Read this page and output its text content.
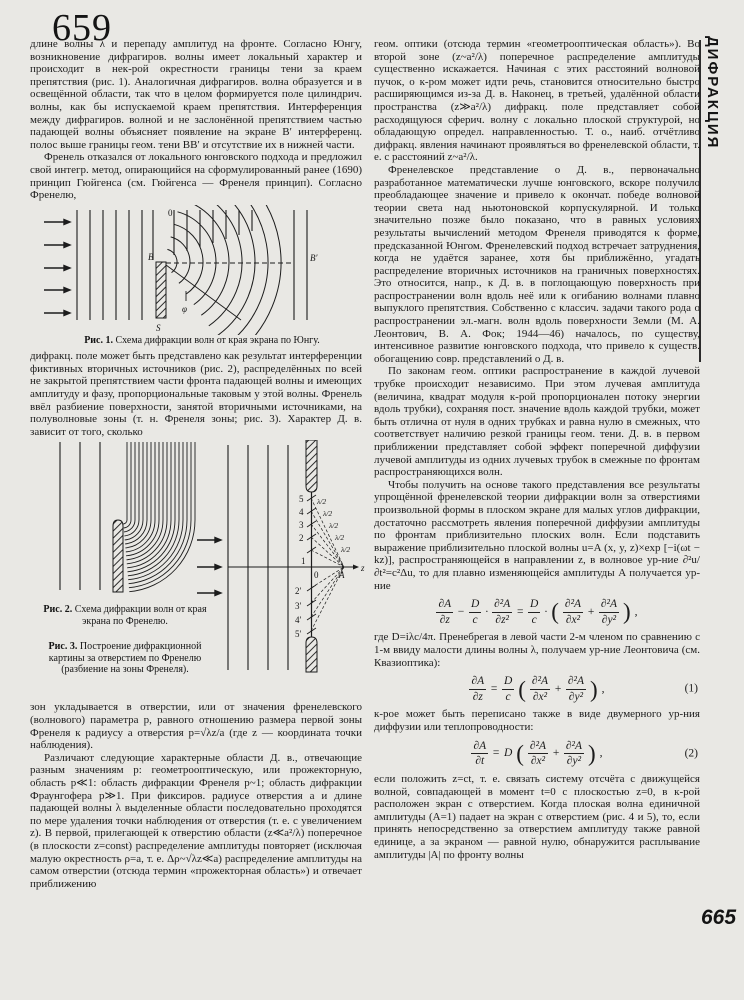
659
ДИФРАКЦИЯ
665

длине волны λ и перепаду амплитуд на фронте. Согласно Юнгу, возникновение дифрагиров. волны имеет локальный характер и происходит в нек-рой окрестности границы тени за краем препятствия (рис. 1). Аналогичная дифрагиров. волна образуется и в освещённой области, так что в целом формируется поле цилиндрич. волны, как бы испускаемой краем препятствия. Интерференция между дифрагиров. волной и не заслонённой препятствием частью падающей волны объясняет появление на экране B′ интерференц. полос выше границы геом. тени BB′ и отсутствие их в нижней части.

Френель отказался от локального юнговского подхода и предложил свой интегр. метод, опирающийся на сформулированный ранее (1690) принцип Гюйгенса (см. Гюйгенса — Френеля принцип). Согласно Френелю,

0
B	B′
φ
S

Рис. 1. Схема дифракции волн от края экрана по Юнгу.

дифракц. поле может быть представлено как результат интерференции фиктивных вторичных источников (рис. 2), распределённых по всей не закрытой препятствием части фронта падающей волны и имеющих амплитуду и фазу, пропорциональные таковым у этой волны. Френель ввёл разбиение поверхности, занятой вторичными источниками, на полуволновые зоны (т. н. Френеля зоны; рис. 3). Характер Д. в. зависит от того, сколько

5
4
3
2
1
λ/2
λ/2
λ/2
λ/2
λ/2
0 A
z
2′
3′
4′
5′

Рис. 2. Схема дифракции волн от края экрана по Френелю.

Рис. 3. Построение дифракционной картины за отверстием по Френелю (разбиение на зоны Френеля).

зон укладывается в отверстии, или от значения френелевского (волнового) параметра p, равного отношению размера первой зоны Френеля к радиусу a отверстия p=√λz/a (где z — координата точки наблюдения).

Различают следующие характерные области Д. в., отвечающие разным значениям p: геометрооптическую, или прожекторную, область p≪1: область дифракции Френеля p~1; область дифракции Фраунгофера p≫1. При фиксиров. радиусе отверстия a и длине падающей волны λ выделенные области последовательно проходятся по мере удаления точки наблюдения от отверстия (т. е. с увеличением z). В первой, прилегающей к отверстию области (z≪a²/λ) поперечное (в плоскости z=const) распределение амплитуды повторяет (исключая малую окрестность ρ=a, т. е. Δρ~√λz≪a) распределение амплитуды на самом отверстии (отсюда термин «прожекторная область») и отвечает приближению

геом. оптики (отсюда термин «геометрооптическая область»). Во второй зоне (z~a²/λ) поперечное распределение амплитуды существенно искажается. Начиная с этих расстояний волновой пучок, о к-ром может идти речь, становится относительно быстро расширяющимся из-за Д. в. Наконец, в третьей, удалённой области пространства (z≫a²/λ) дифракц. поле представляет собой расходящуюся сферич. волну с локально плоской структурой, но обладающую определ. направленностью. Т. о., наиб. отчётливо дифракц. явления начинают проявляться во френелевской области, т. е. с расстояний z~a²/λ.

Френелевское представление о Д. в., первоначально разработанное математически лучше юнговского, вскоре получило преобладающее значение и привело к окончат. победе волновой теории света над ньютоновской корпускулярной. И только значительно позже было показано, что в равных условиях результаты вычислений методом Френеля приводятся к форме, предсказанной Юнгом. Френелевский подход встречает затруднения, когда не удаётся заранее, хотя бы приближённо, угадать распределение вторичных источников на граничных поверхностях. Это относится, напр., к Д. в. в поглощающую поверхность при распространении волн вдоль неё или к огибанию волнами плавно выпуклого препятствия. Собственно с классич. задачи такого рода о распространении эл.-магн. волн вдоль поверхности Земли (М. А. Леонтович, В. А. Фок; 1944—46) началось, по существу, интенсивное развитие юнговского подхода, что привело к существ. обогащению совр. представлений о Д. в.

По законам геом. оптики распространение в каждой лучевой трубке происходит независимо. При этом лучевая амплитуда (величина, квадрат модуля к-рой пропорционален потоку энергии вдоль трубки), сохраняя пост. значение вдоль каждой трубки, может быть отлична от нуля в одних трубках и равна нулю в смежных, что соответствует наличию резкой границы геом. тени. Д. в. в первом приближении представляет собой эффект поперечной диффузии лучевой амплитуды из одних лучевых трубок в смежные по фронтам распространяющихся волн.

Чтобы получить на основе такого представления все результаты упрощённой френелевской теории дифракции волн за отверстиями произвольной формы в плоском экране для малых углов дифракции, достаточно рассмотреть явления поперечной диффузии амплитуды по фронтам приблизительно плоских волн. Если подставить выражение приблизительно плоской волны u=A (x, y, z)×exp [−i(ωt − kz)], распространяющейся в направлении z, в волновое ур-ние ∂²u/∂t²=c²Δu, то для плавно изменяющейся амплитуды A получается ур-ние

$\frac{\partial A}{\partial z} - \frac{D}{c} \cdot \frac{\text{∂²A}}{\text{∂z²}} = \frac{D}{c}$ · ( $\frac{\text{∂²A}}{\text{∂x²}} + \frac{\text{∂²A}}{\text{∂y²}}$ ) ,

где D=iλc/4π. Пренебрегая в левой части 2-м членом по сравнению с 1-м ввиду малости длины волны λ, получаем ур-ние Леонтовича (см. Квазиоптика):

$\frac{\partial A}{\partial z} = \frac{D}{c}$ ( $\frac{\text{∂²A}}{\text{∂x²}} + \frac{\text{∂²A}}{\text{∂y²}}$ ) ,	(1)

к-рое может быть переписано также в виде двумерного ур-ния диффузии или теплопроводности:

$\frac{\partial A}{\partial t} = D$ ( $\frac{\text{∂²A}}{\text{∂x²}} + \frac{\text{∂²A}}{\text{∂y²}}$ ) ,	(2)

если положить z=ct, т. е. связать систему отсчёта с движущейся волной, совпадающей в момент t=0 с плоскостью z=0, в к-рой расположен экран с отверстием. Когда плоская волна единичной амплитуды (A=1) падает на экран с отверстием (рис. 4 и 5), то, если принять непосредственно за отверстием амплитуду также равной единице, а за экраном — равной нулю, обнаружится расплывание амплитуды |A| по фронту волны
